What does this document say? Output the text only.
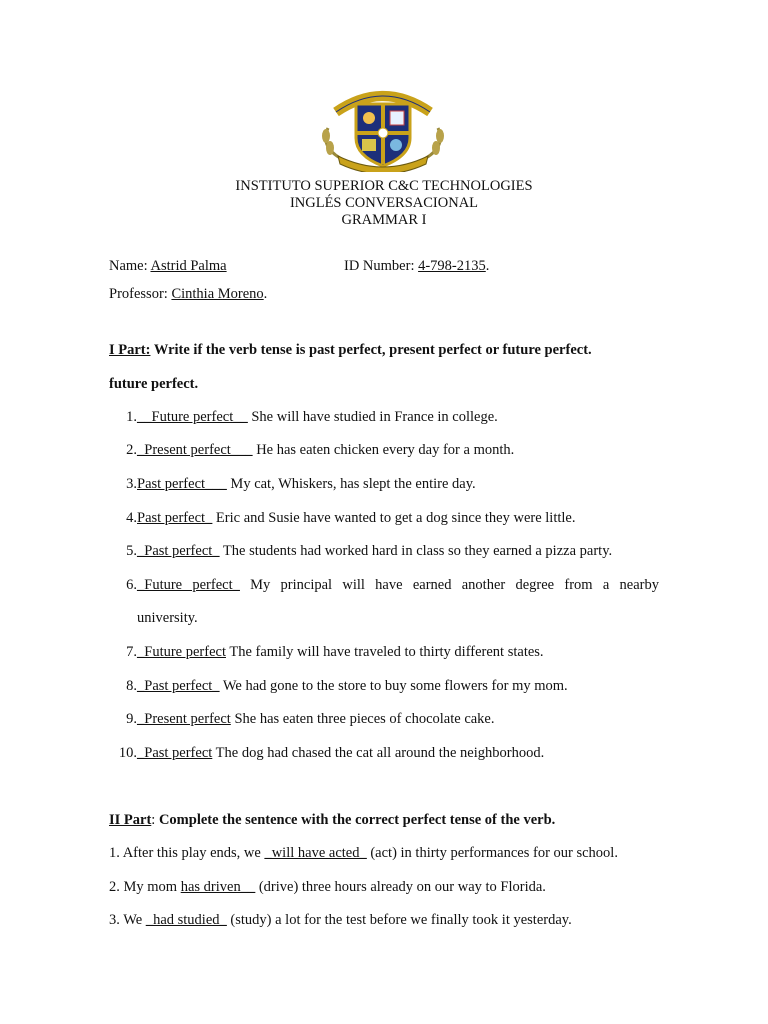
INSTITUTO SUPERIOR C&C TECHNOLOGIES
INGLÉS CONVERSACIONAL
GRAMMAR I
Name: Astrid Palma	ID Number: 4-798-2135.
Professor: Cinthia Moreno.
I Part: Write if the verb tense is past perfect, present perfect or future perfect.
future perfect.
1. __Future perfect__ She will have studied in France in college.
2. _Present perfect___ He has eaten chicken every day for a month.
3. Past perfect___ My cat, Whiskers, has slept the entire day.
4. Past perfect_ Eric and Susie have wanted to get a dog since they were little.
5. _Past perfect_ The students had worked hard in class so they earned a pizza party.
6. _Future perfect_ My principal will have earned another degree from a nearby
university.
7. _Future perfect The family will have traveled to thirty different states.
8. _Past perfect_ We had gone to the store to buy some flowers for my mom.
9. _Present perfect She has eaten three pieces of chocolate cake.
10. _Past perfect The dog had chased the cat all around the neighborhood.
II Part: Complete the sentence with the correct perfect tense of the verb.
1. After this play ends, we _will have acted_ (act) in thirty performances for our school.
2. My mom has driven__ (drive) three hours already on our way to Florida.
3. We _had studied_ (study) a lot for the test before we finally took it yesterday.
